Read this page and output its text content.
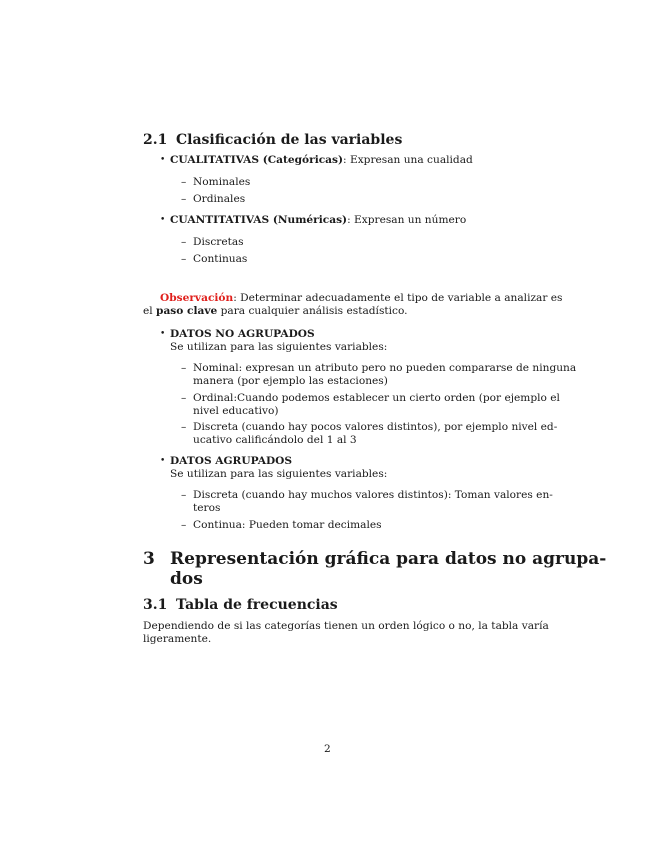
2.1 Clasificación de las variables
• CUALITATIVAS (Categóricas): Expresan una cualidad
– Nominales
– Ordinales
• CUANTITATIVAS (Numéricas): Expresan un número
– Discretas
– Continuas
Observación: Determinar adecuadamente el tipo de variable a analizar es
el paso clave para cualquier análisis estadístico.
• DATOS NO AGRUPADOS
Se utilizan para las siguientes variables:
– Nominal: expresan un atributo pero no pueden compararse de ninguna
manera (por ejemplo las estaciones)
– Ordinal:Cuando podemos establecer un cierto orden (por ejemplo el
nivel educativo)
– Discreta (cuando hay pocos valores distintos), por ejemplo nivel ed-
ucativo calificándolo del 1 al 3
• DATOS AGRUPADOS
Se utilizan para las siguientes variables:
– Discreta (cuando hay muchos valores distintos): Toman valores en-
teros
– Continua: Pueden tomar decimales
3 Representación gráfica para datos no agrupa-
dos
3.1 Tabla de frecuencias
Dependiendo de si las categorías tienen un orden lógico o no, la tabla varía
ligeramente.
2
